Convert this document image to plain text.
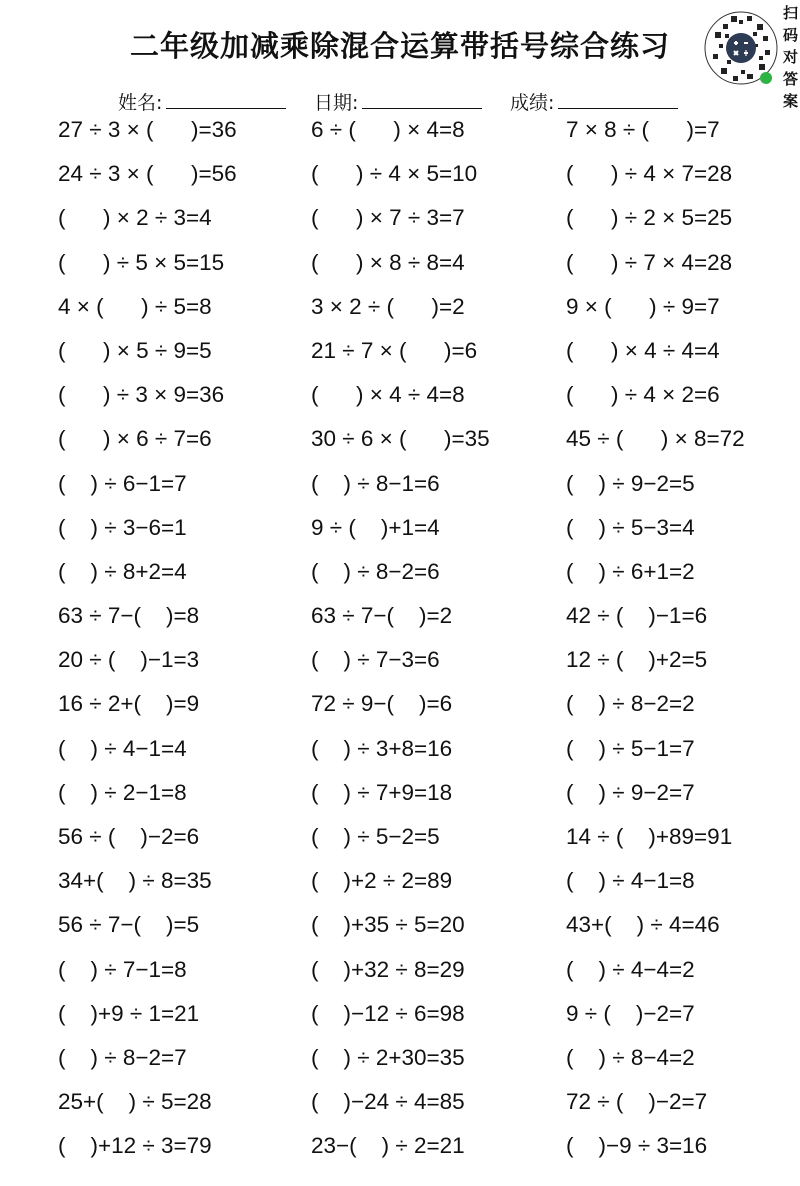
二年级加减乘除混合运算带括号综合练习
扫
码
对
答
案
姓名:	日期:	成绩:
27 ÷ 3 × (      )=36
24 ÷ 3 × (      )=56
(      ) × 2 ÷ 3=4
(      ) ÷ 5 × 5=15
4 × (      ) ÷ 5=8
(      ) × 5 ÷ 9=5
(      ) ÷ 3 × 9=36
(      ) × 6 ÷ 7=6
(    ) ÷ 6−1=7
(    ) ÷ 3−6=1
(    ) ÷ 8+2=4
63 ÷ 7−(    )=8
20 ÷ (    )−1=3
16 ÷ 2+(    )=9
(    ) ÷ 4−1=4
(    ) ÷ 2−1=8
56 ÷ (    )−2=6
34+(    ) ÷ 8=35
56 ÷ 7−(    )=5
(    ) ÷ 7−1=8
(    )+9 ÷ 1=21
(    ) ÷ 8−2=7
25+(    ) ÷ 5=28
(    )+12 ÷ 3=79
6 ÷ (      ) × 4=8
(      ) ÷ 4 × 5=10
(      ) × 7 ÷ 3=7
(      ) × 8 ÷ 8=4
3 × 2 ÷ (      )=2
21 ÷ 7 × (      )=6
(      ) × 4 ÷ 4=8
30 ÷ 6 × (      )=35
(    ) ÷ 8−1=6
9 ÷ (    )+1=4
(    ) ÷ 8−2=6
63 ÷ 7−(    )=2
(    ) ÷ 7−3=6
72 ÷ 9−(    )=6
(    ) ÷ 3+8=16
(    ) ÷ 7+9=18
(    ) ÷ 5−2=5
(    )+2 ÷ 2=89
(    )+35 ÷ 5=20
(    )+32 ÷ 8=29
(    )−12 ÷ 6=98
(    ) ÷ 2+30=35
(    )−24 ÷ 4=85
23−(    ) ÷ 2=21
7 × 8 ÷ (      )=7
(      ) ÷ 4 × 7=28
(      ) ÷ 2 × 5=25
(      ) ÷ 7 × 4=28
9 × (      ) ÷ 9=7
(      ) × 4 ÷ 4=4
(      ) ÷ 4 × 2=6
45 ÷ (      ) × 8=72
(    ) ÷ 9−2=5
(    ) ÷ 5−3=4
(    ) ÷ 6+1=2
42 ÷ (    )−1=6
12 ÷ (    )+2=5
(    ) ÷ 8−2=2
(    ) ÷ 5−1=7
(    ) ÷ 9−2=7
14 ÷ (    )+89=91
(    ) ÷ 4−1=8
43+(    ) ÷ 4=46
(    ) ÷ 4−4=2
9 ÷ (    )−2=7
(    ) ÷ 8−4=2
72 ÷ (    )−2=7
(    )−9 ÷ 3=16
